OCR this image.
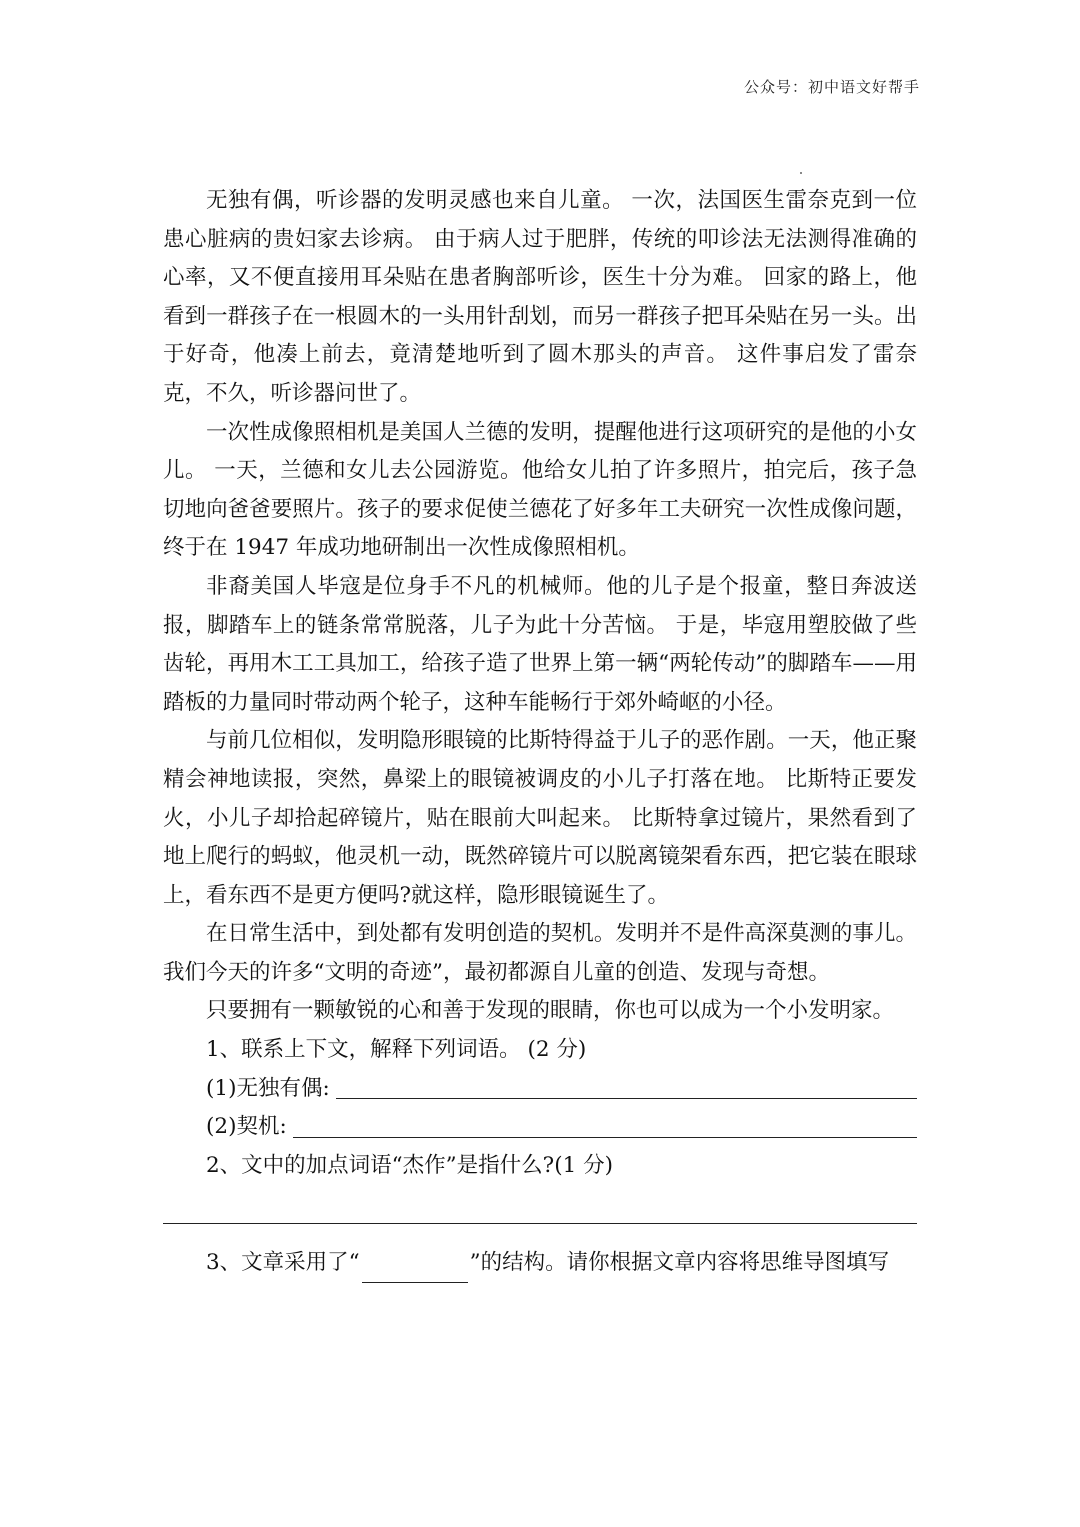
公众号：初中语文好帮手

无独有偶，听诊器的发明灵感也来自儿童。 一次，法国医生雷奈克到一位患心脏病的贵妇家去诊病。 由于病人过于肥胖，传统的叩诊法无法测得准确的心率，又不便直接用耳朵贴在患者胸部听诊，医生十分为难。 回家的路上，他看到一群孩子在一根圆木的一头用针刮划，而另一群孩子把耳朵贴在另一头。出于好奇，他凑上前去，竟清楚地听到了圆木那头的声音。 这件事启发了雷奈克，不久，听诊器问世了。

一次性成像照相机是美国人兰德的发明，提醒他进行这项研究的是他的小女儿。 一天，兰德和女儿去公园游览。他给女儿拍了许多照片，拍完后，孩子急切地向爸爸要照片。孩子的要求促使兰德花了好多年工夫研究一次性成像问题，终于在 1947 年成功地研制出一次性成像照相机。

非裔美国人毕寇是位身手不凡的机械师。他的儿子是个报童，整日奔波送报，脚踏车上的链条常常脱落，儿子为此十分苦恼。 于是，毕寇用塑胶做了些齿轮，再用木工工具加工，给孩子造了世界上第一辆“两轮传动”的脚踏车——用踏板的力量同时带动两个轮子，这种车能畅行于郊外崎岖的小径。

与前几位相似，发明隐形眼镜的比斯特得益于儿子的恶作剧。一天，他正聚精会神地读报，突然，鼻梁上的眼镜被调皮的小儿子打落在地。 比斯特正要发火，小儿子却拾起碎镜片，贴在眼前大叫起来。 比斯特拿过镜片，果然看到了地上爬行的蚂蚁，他灵机一动，既然碎镜片可以脱离镜架看东西，把它装在眼球上，看东西不是更方便吗?就这样，隐形眼镜诞生了。

在日常生活中，到处都有发明创造的契机。发明并不是件高深莫测的事儿。我们今天的许多“文明的奇迹”，最初都源自儿童的创造、发现与奇想。

只要拥有一颗敏锐的心和善于发现的眼睛，你也可以成为一个小发明家。

1、联系上下文，解释下列词语。 (2 分)

(1)无独有偶:

(2)契机:

2、文中的加点词语“杰作”是指什么?(1 分)

3、文章采用了“	”的结构。请你根据文章内容将思维导图填写
